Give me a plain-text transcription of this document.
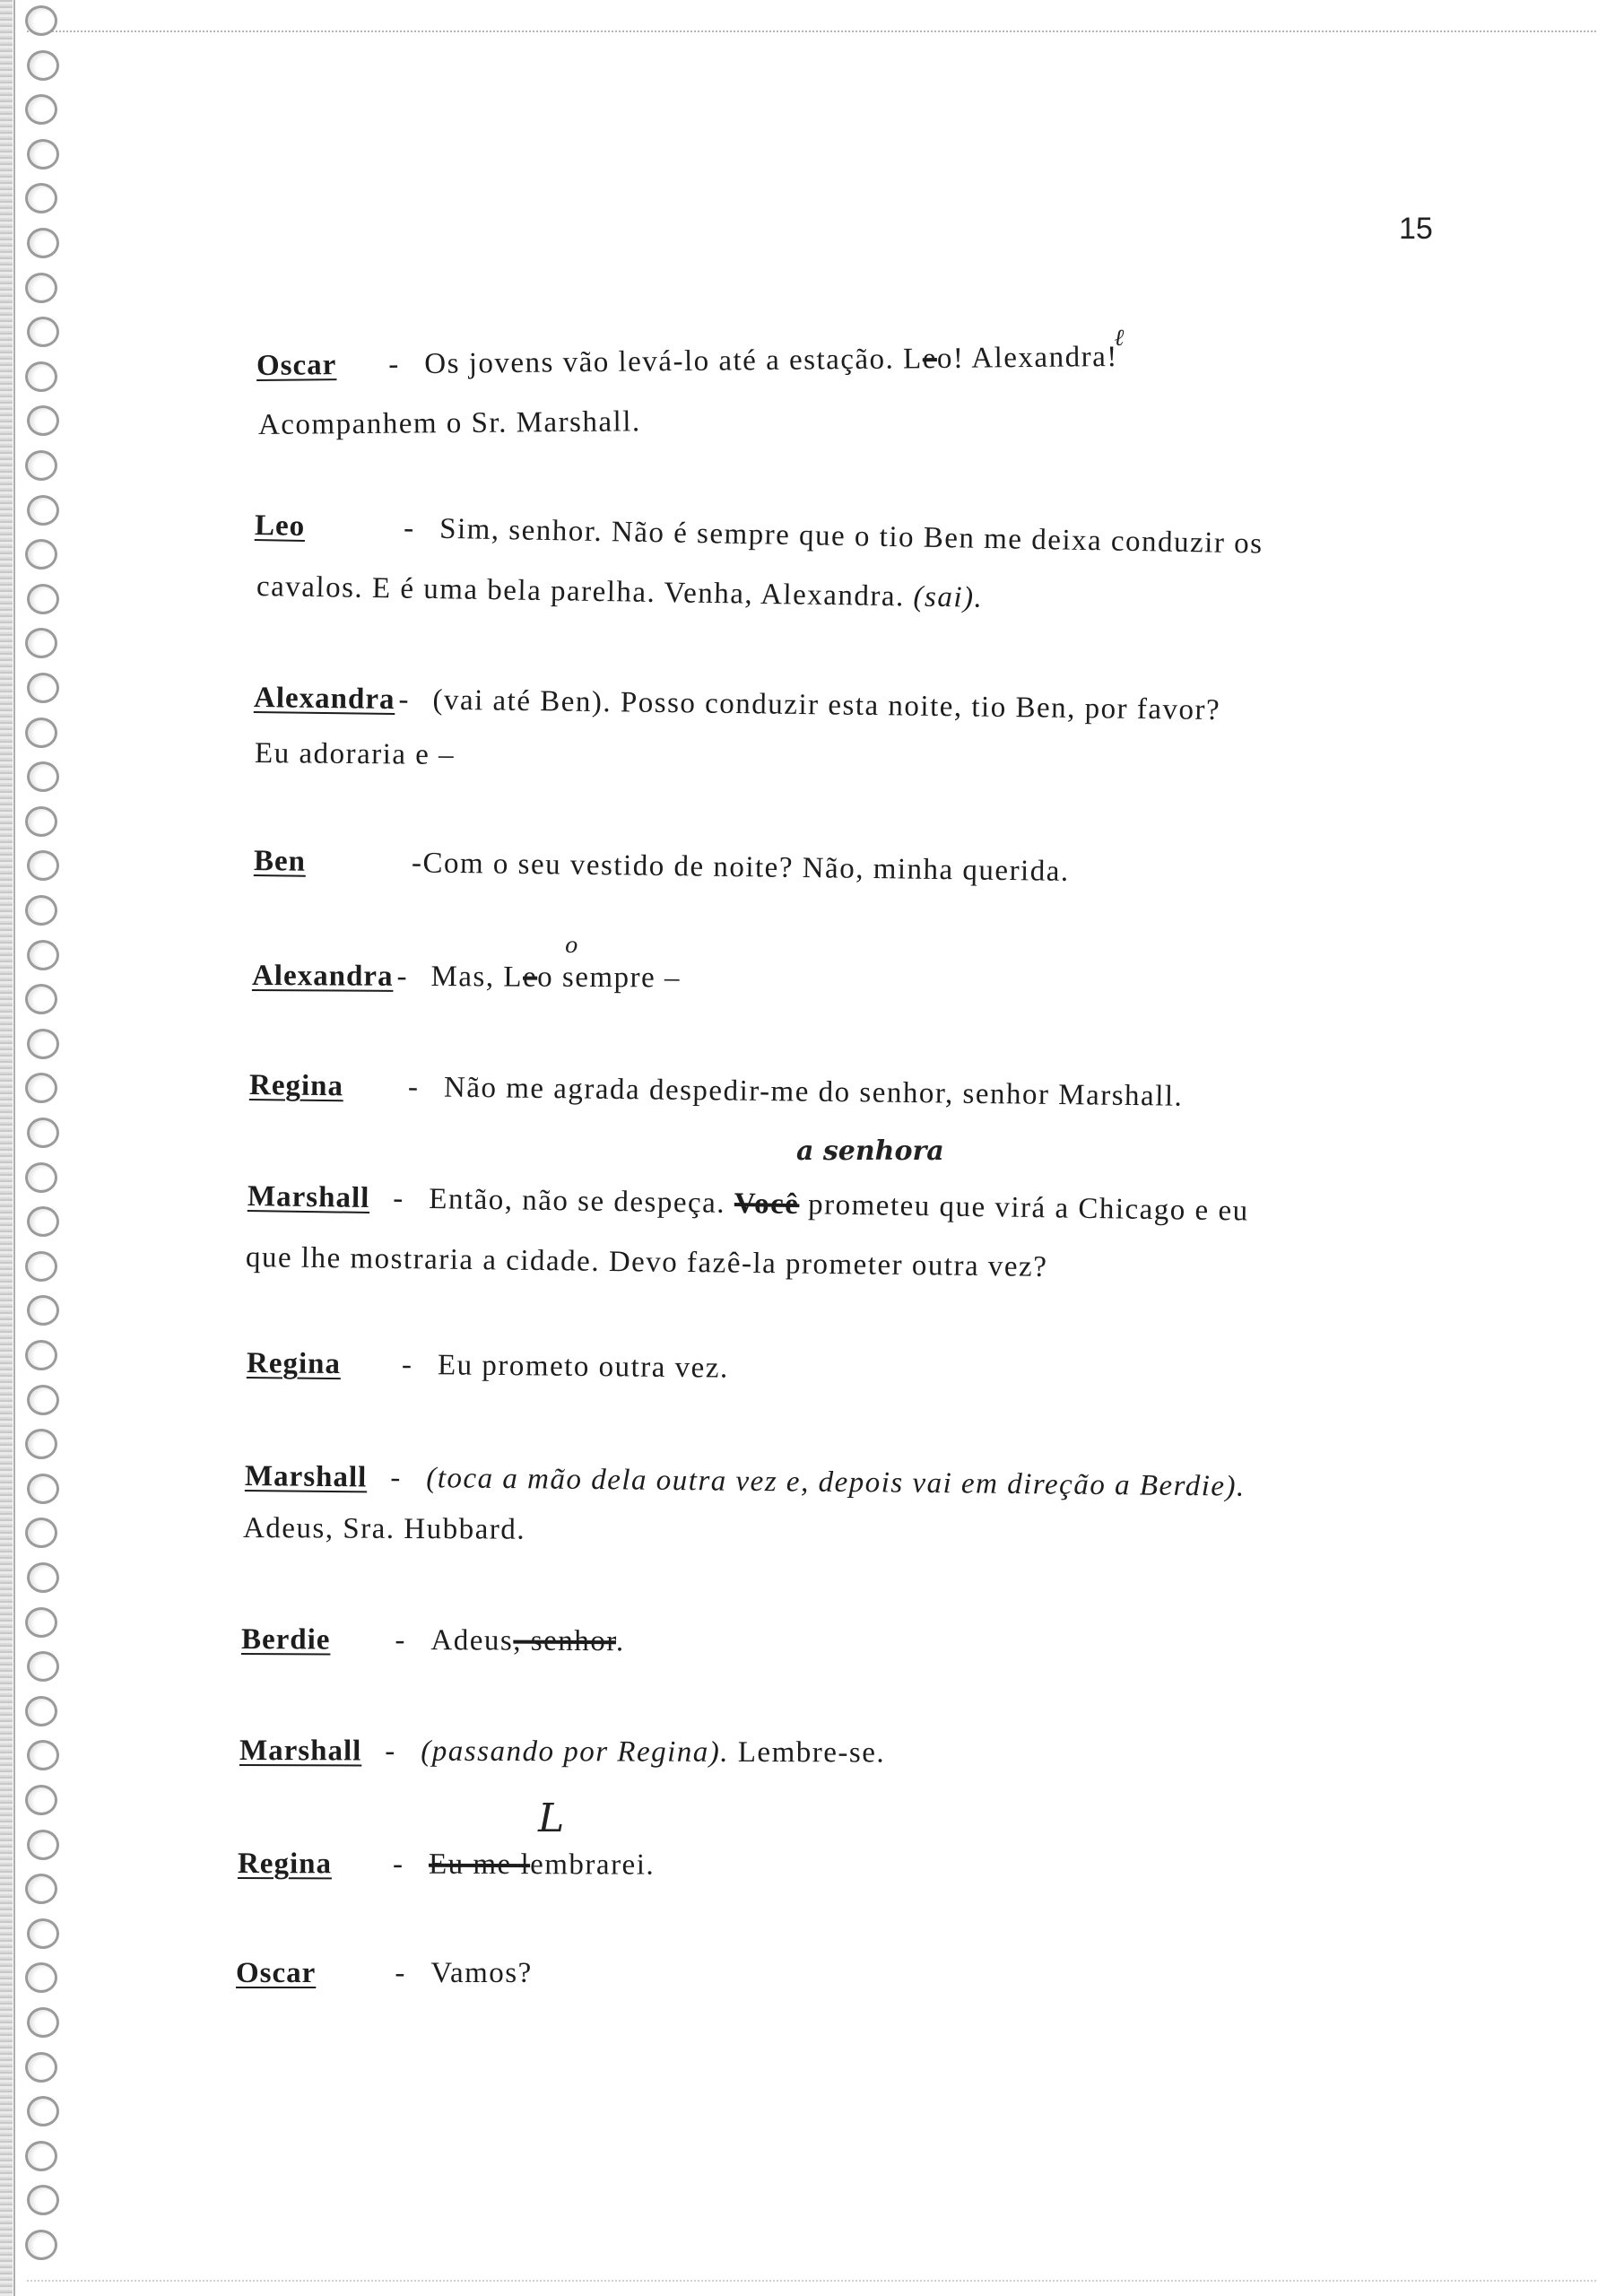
15
Oscar - Os jovens vão levá-lo até a estação. Leo! Alexandra!
ℓ
Acompanhem o Sr. Marshall.
Leo	- Sim, senhor. Não é sempre que o tio Ben me deixa conduzir os
cavalos. E é uma bela parelha. Venha, Alexandra. (sai).
Alexandra - (vai até Ben). Posso conduzir esta noite, tio Ben, por favor?
Eu adoraria e –
Ben	-Com o seu vestido de noite? Não, minha querida.
o
Alexandra - Mas, Leo sempre –
Regina - Não me agrada despedir-me do senhor, senhor Marshall.
a senhora
Marshall - Então, não se despeça. Você prometeu que virá a Chicago e eu
que lhe mostraria a cidade. Devo fazê-la prometer outra vez?
Regina - Eu prometo outra vez.
Marshall - (toca a mão dela outra vez e, depois vai em direção a Berdie).
Adeus, Sra. Hubbard.
Berdie - Adeus, senhor.
Marshall - (passando por Regina). Lembre-se.
L
Regina - Eu me lembrarei.
Oscar	- Vamos?
